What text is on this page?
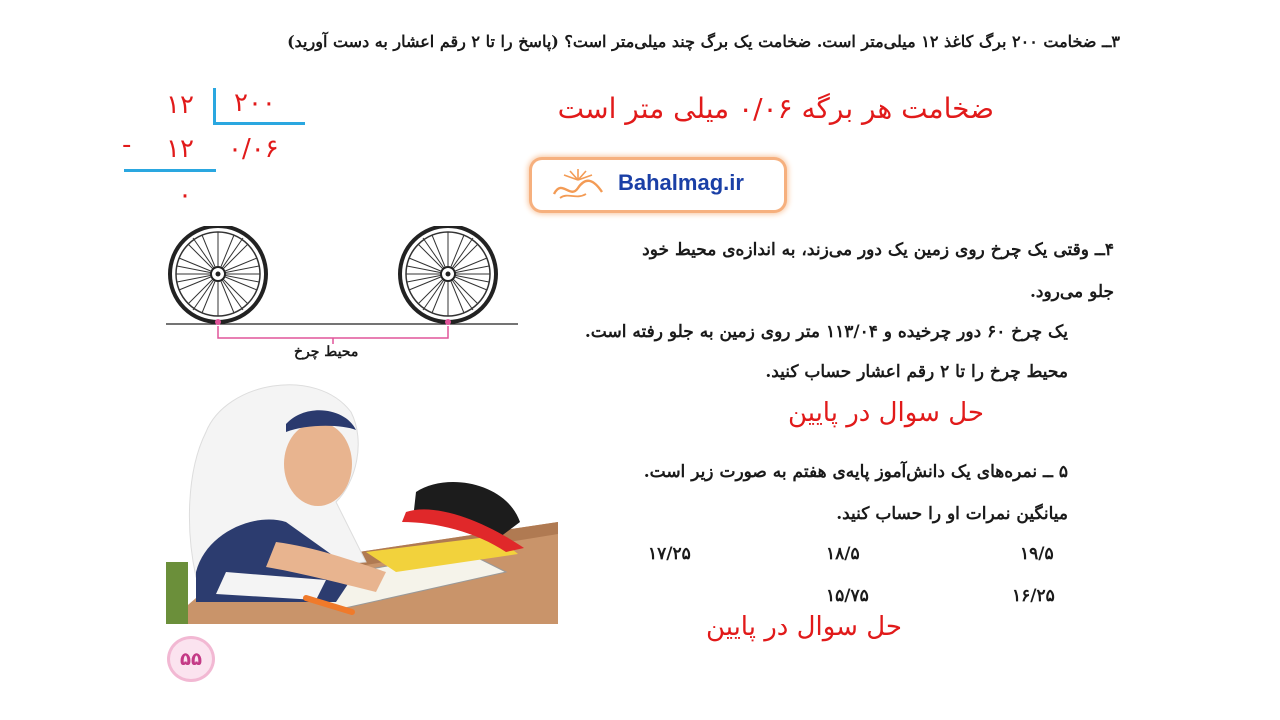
۳ــ ضخامت ۲۰۰ برگ کاغذ ۱۲ میلی‌متر است. ضخامت یک برگ چند میلی‌متر است؟ (پاسخ را تا ۲ رقم اعشار به دست آورید)
۱۲ ۲۰۰
- ۱۲ ۰/۰۶
۰
ضخامت هر برگه ۰/۰۶ میلی متر است
Bahalmag.ir
محیط چرخ
۴ــ وقتی یک چرخ روی زمین یک دور می‌زند، به اندازه‌ی محیط خود
جلو می‌رود.
یک چرخ ۶۰ دور چرخیده و ۱۱۳/۰۴ متر روی زمین به جلو رفته است.
محیط چرخ را تا ۲ رقم اعشار حساب کنید.
حل سوال در پایین
۵ ــ نمره‌های یک دانش‌آموز پایه‌ی هفتم به صورت زیر است.
میانگین نمرات او را حساب کنید.
۱۹/۵
۱۸/۵
۱۷/۲۵
۱۶/۲۵
۱۵/۷۵
حل سوال در پایین
۵۵
